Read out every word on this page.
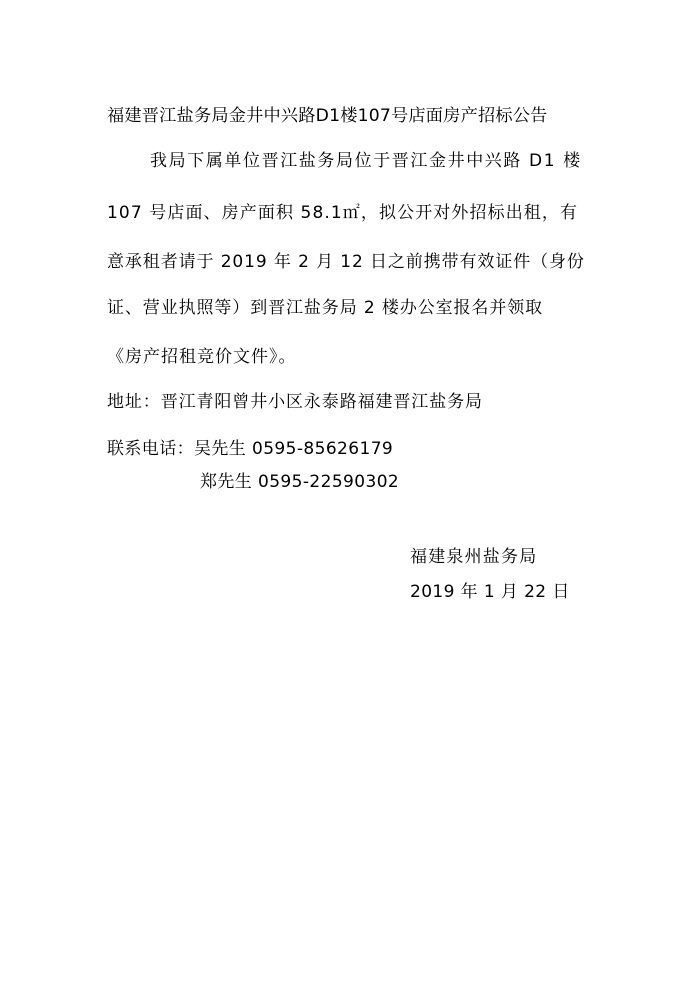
福建晋江盐务局金井中兴路D1楼107号店面房产招标公告
我局下属单位晋江盐务局位于晋江金井中兴路 D1 楼
107 号店面、房产面积 58.1㎡，拟公开对外招标出租，有
意承租者请于 2019 年 2 月 12 日之前携带有效证件（身份
证、营业执照等）到晋江盐务局 2 楼办公室报名并领取
《房产招租竞价文件》。
地址：晋江青阳曾井小区永泰路福建晋江盐务局
联系电话：吴先生 0595-85626179
郑先生 0595-22590302
福建泉州盐务局
2019 年 1 月 22 日
